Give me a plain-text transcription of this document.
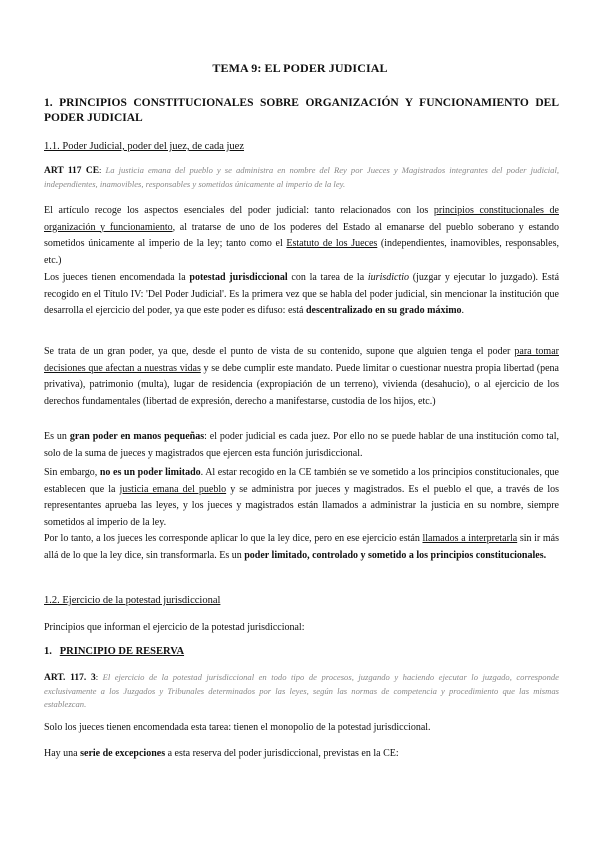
TEMA 9: EL PODER JUDICIAL
1. PRINCIPIOS CONSTITUCIONALES SOBRE ORGANIZACIÓN Y FUNCIONAMIENTO DEL PODER JUDICIAL
1.1. Poder Judicial, poder del juez, de cada juez

ART 117 CE: La justicia emana del pueblo y se administra en nombre del Rey por Jueces y Magistrados integrantes del poder judicial, independientes, inamovibles, responsables y sometidos únicamente al imperio de la ley.

El artículo recoge los aspectos esenciales del poder judicial: tanto relacionados con los principios constitucionales de organización y funcionamiento, al tratarse de uno de los poderes del Estado al emanarse del pueblo soberano y estando sometidos únicamente al imperio de la ley; tanto como el Estatuto de los Jueces (independientes, inamovibles, responsables, etc.)

Los jueces tienen encomendada la potestad jurisdiccional con la tarea de la iurisdictio (juzgar y ejecutar lo juzgado). Está recogido en el Título IV: 'Del Poder Judicial'. Es la primera vez que se habla del poder judicial, sin mencionar la institución que desarrolla el ejercicio del poder, ya que este poder es difuso: está descentralizado en su grado máximo.

Se trata de un gran poder, ya que, desde el punto de vista de su contenido, supone que alguien tenga el poder para tomar decisiones que afectan a nuestras vidas y se debe cumplir este mandato. Puede limitar o cuestionar nuestra propia libertad (pena privativa), patrimonio (multa), lugar de residencia (expropiación de un terreno), vivienda (desahucio), o al ejercicio de los derechos fundamentales (libertad de expresión, derecho a manifestarse, custodia de los hijos, etc.)

Es un gran poder en manos pequeñas: el poder judicial es cada juez. Por ello no se puede hablar de una institución como tal, solo de la suma de jueces y magistrados que ejercen esta función jurisdiccional.

Sin embargo, no es un poder limitado. Al estar recogido en la CE también se ve sometido a los principios constitucionales, que establecen que la justicia emana del pueblo y se administra por jueces y magistrados. Es el pueblo el que, a través de los representantes aprueba las leyes, y los jueces y magistrados están llamados a administrar la justicia en su nombre, siempre sometidos al imperio de la ley.

Por lo tanto, a los jueces les corresponde aplicar lo que la ley dice, pero en ese ejercicio están llamados a interpretarla sin ir más allá de lo que la ley dice, sin transformarla. Es un poder limitado, controlado y sometido a los principios constitucionales.

1.2. Ejercicio de la potestad jurisdiccional

Principios que informan el ejercicio de la potestad jurisdiccional:

1. PRINCIPIO DE RESERVA

ART. 117. 3: El ejercicio de la potestad jurisdiccional en todo tipo de procesos, juzgando y haciendo ejecutar lo juzgado, corresponde exclusivamente a los Juzgados y Tribunales determinados por las leyes, según las normas de competencia y procedimiento que las mismas establezcan.

Solo los jueces tienen encomendada esta tarea: tienen el monopolio de la potestad jurisdiccional.

Hay una serie de excepciones a esta reserva del poder jurisdiccional, previstas en la CE:
